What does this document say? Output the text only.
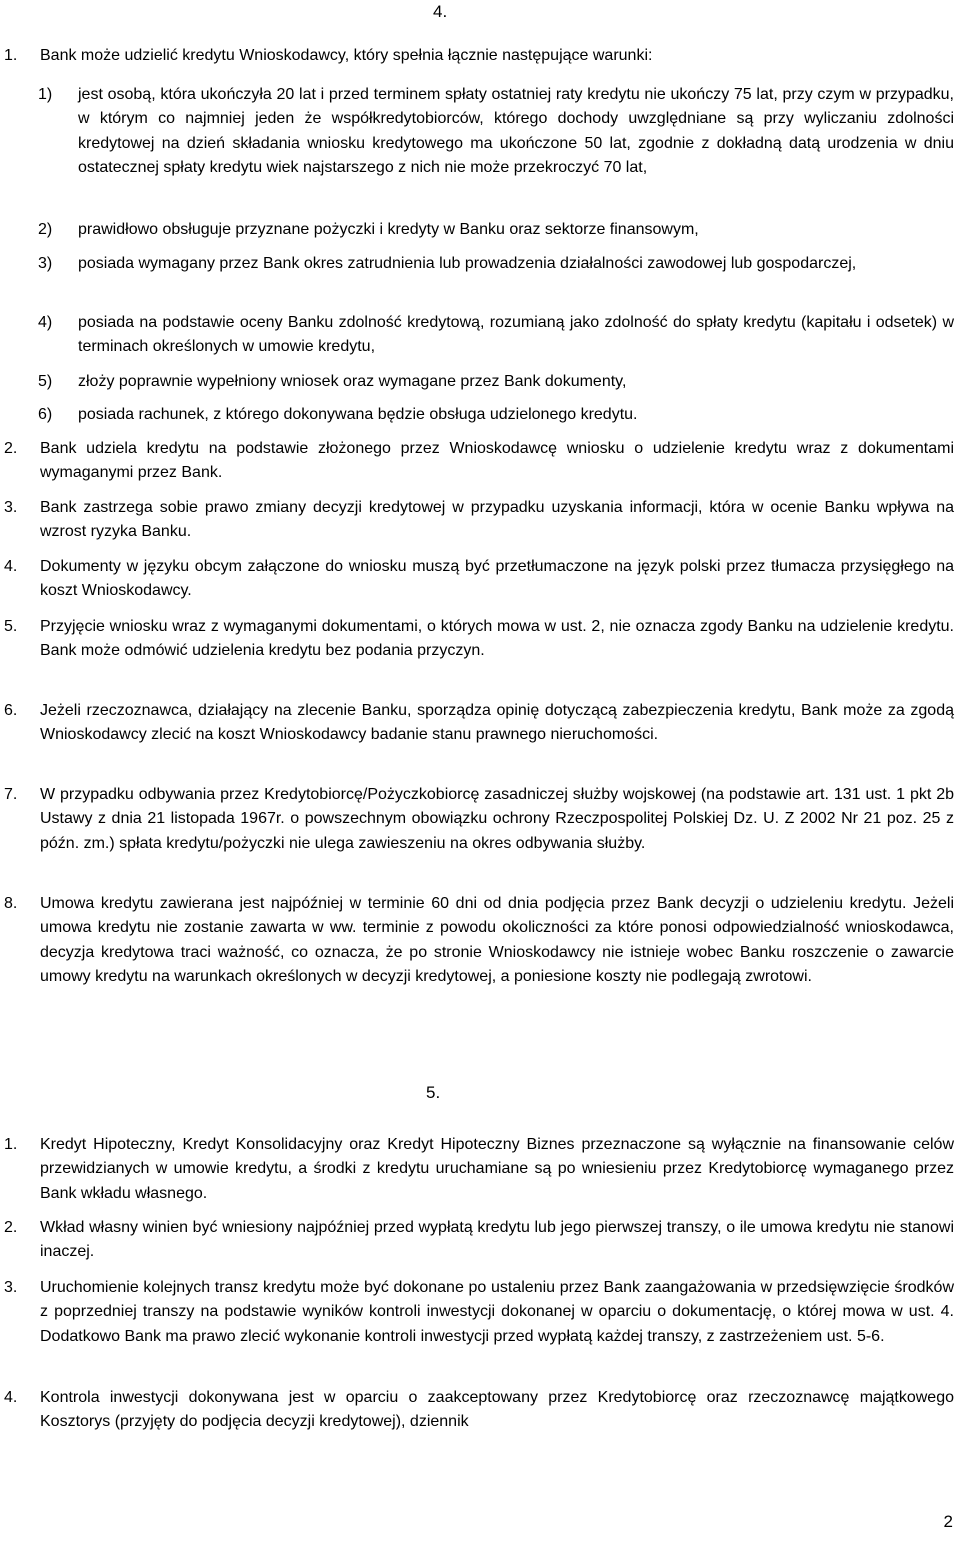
4.
1. Bank może udzielić kredytu Wnioskodawcy, który spełnia łącznie następujące warunki:
1) jest osobą, która ukończyła 20 lat i przed terminem spłaty ostatniej raty kredytu nie ukończy 75 lat, przy czym w przypadku, w którym co najmniej jeden że współkredytobiorców, którego dochody uwzględniane są przy wyliczaniu zdolności kredytowej na dzień składania wniosku kredytowego ma ukończone 50 lat, zgodnie z dokładną datą urodzenia w dniu ostatecznej spłaty kredytu wiek najstarszego z nich nie może przekroczyć 70 lat,
2) prawidłowo obsługuje przyznane pożyczki i kredyty w Banku oraz sektorze finansowym,
3) posiada wymagany przez Bank okres zatrudnienia lub prowadzenia działalności zawodowej lub gospodarczej,
4) posiada na podstawie oceny Banku zdolność kredytową, rozumianą jako zdolność do spłaty kredytu (kapitału i odsetek) w terminach określonych w umowie kredytu,
5) złoży poprawnie wypełniony wniosek oraz wymagane przez Bank dokumenty,
6) posiada rachunek, z którego dokonywana będzie obsługa udzielonego kredytu.
2. Bank udziela kredytu na podstawie złożonego przez Wnioskodawcę wniosku o udzielenie kredytu wraz z dokumentami wymaganymi przez Bank.
3. Bank zastrzega sobie prawo zmiany decyzji kredytowej w przypadku uzyskania informacji, która w ocenie Banku wpływa na wzrost ryzyka Banku.
4. Dokumenty w języku obcym załączone do wniosku muszą być przetłumaczone na język polski przez tłumacza przysięgłego na koszt Wnioskodawcy.
5. Przyjęcie wniosku wraz z wymaganymi dokumentami, o których mowa w ust. 2, nie oznacza zgody Banku na udzielenie kredytu. Bank może odmówić udzielenia kredytu bez podania przyczyn.
6. Jeżeli rzeczoznawca, działający na zlecenie Banku, sporządza opinię dotyczącą zabezpieczenia kredytu, Bank może za zgodą Wnioskodawcy zlecić na koszt Wnioskodawcy badanie stanu prawnego nieruchomości.
7. W przypadku odbywania przez Kredytobiorcę/Pożyczkobiorcę zasadniczej służby wojskowej (na podstawie art. 131 ust. 1 pkt 2b Ustawy z dnia 21 listopada 1967r. o powszechnym obowiązku ochrony Rzeczpospolitej Polskiej Dz. U. Z 2002 Nr 21 poz. 25 z późn. zm.) spłata kredytu/pożyczki nie ulega zawieszeniu na okres odbywania służby.
8. Umowa kredytu zawierana jest najpóźniej w terminie 60 dni od dnia podjęcia przez Bank decyzji o udzieleniu kredytu. Jeżeli umowa kredytu nie zostanie zawarta w ww. terminie z powodu okoliczności za które ponosi odpowiedzialność wnioskodawca, decyzja kredytowa traci ważność, co oznacza, że po stronie Wnioskodawcy nie istnieje wobec Banku roszczenie o zawarcie umowy kredytu na warunkach określonych w decyzji kredytowej, a poniesione koszty nie podlegają zwrotowi.
5.
1. Kredyt Hipoteczny, Kredyt Konsolidacyjny oraz Kredyt Hipoteczny Biznes przeznaczone są wyłącznie na finansowanie celów przewidzianych w umowie kredytu, a środki z kredytu uruchamiane są po wniesieniu przez Kredytobiorcę wymaganego przez Bank wkładu własnego.
2. Wkład własny winien być wniesiony najpóźniej przed wypłatą kredytu lub jego pierwszej transzy, o ile umowa kredytu nie stanowi inaczej.
3. Uruchomienie kolejnych transz kredytu może być dokonane po ustaleniu przez Bank zaangażowania w przedsięwzięcie środków z poprzedniej transzy na podstawie wyników kontroli inwestycji dokonanej w oparciu o dokumentację, o której mowa w ust. 4. Dodatkowo Bank ma prawo zlecić wykonanie kontroli inwestycji przed wypłatą każdej transzy, z zastrzeżeniem ust. 5-6.
4. Kontrola inwestycji dokonywana jest w oparciu o zaakceptowany przez Kredytobiorcę oraz rzeczoznawcę majątkowego Kosztorys (przyjęty do podjęcia decyzji kredytowej), dziennik
2
